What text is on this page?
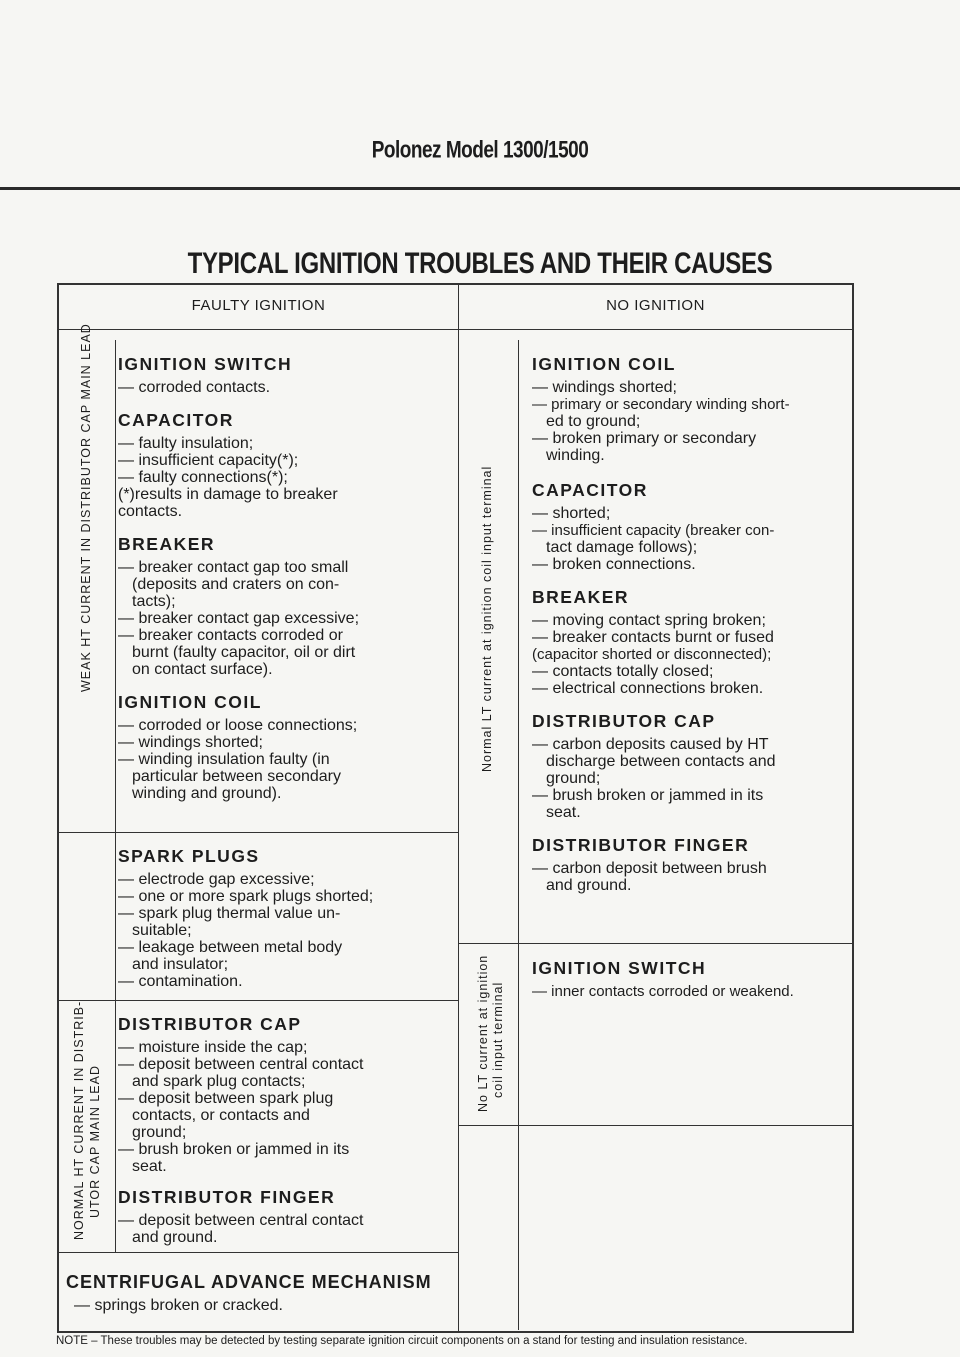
Polonez Model 1300/1500
TYPICAL IGNITION TROUBLES AND THEIR CAUSES
FAULTY IGNITION	NO IGNITION
WEAK HT CURRENT IN DISTRIBUTOR CAP MAIN LEAD
NORMAL HT CURRENT IN DISTRIB- UTOR CAP MAIN LEAD
Normal LT current at ignition coil input terminal
No LT current at ignition coil input terminal
IGNITION SWITCH
— corroded contacts.
CAPACITOR
— faulty insulation;
— insufficient capacity(*);
— faulty connections(*);
(*)results in damage to breaker
contacts.
BREAKER
— breaker contact gap too small
(deposits and craters on con-
tacts);
— breaker contact gap excessive;
— breaker contacts corroded or
burnt (faulty capacitor, oil or dirt
on contact surface).
IGNITION COIL
— corroded or loose connections;
— windings shorted;
— winding insulation faulty (in
particular between secondary
winding and ground).
SPARK PLUGS
— electrode gap excessive;
— one or more spark plugs shorted;
— spark plug thermal value un-
suitable;
— leakage between metal body
and insulator;
— contamination.
DISTRIBUTOR CAP
— moisture inside the cap;
— deposit between central contact
and spark plug contacts;
— deposit between spark plug
contacts, or contacts and
ground;
— brush broken or jammed in its
seat.
DISTRIBUTOR FINGER
— deposit between central contact
and ground.
CENTRIFUGAL ADVANCE MECHANISM
— springs broken or cracked.
IGNITION COIL
— windings shorted;
— primary or secondary winding short-
ed to ground;
— broken primary or secondary
winding.
CAPACITOR
— shorted;
— insufficient capacity (breaker con-
tact damage follows);
— broken connections.
BREAKER
— moving contact spring broken;
— breaker contacts burnt or fused
(capacitor shorted or disconnected);
— contacts totally closed;
— electrical connections broken.
DISTRIBUTOR CAP
— carbon deposits caused by HT
discharge between contacts and
ground;
— brush broken or jammed in its
seat.
DISTRIBUTOR FINGER
— carbon deposit between brush
and ground.
IGNITION SWITCH
— inner contacts corroded or weakend.
NOTE – These troubles may be detected by testing separate ignition circuit components on a stand for testing and insulation resistance.
